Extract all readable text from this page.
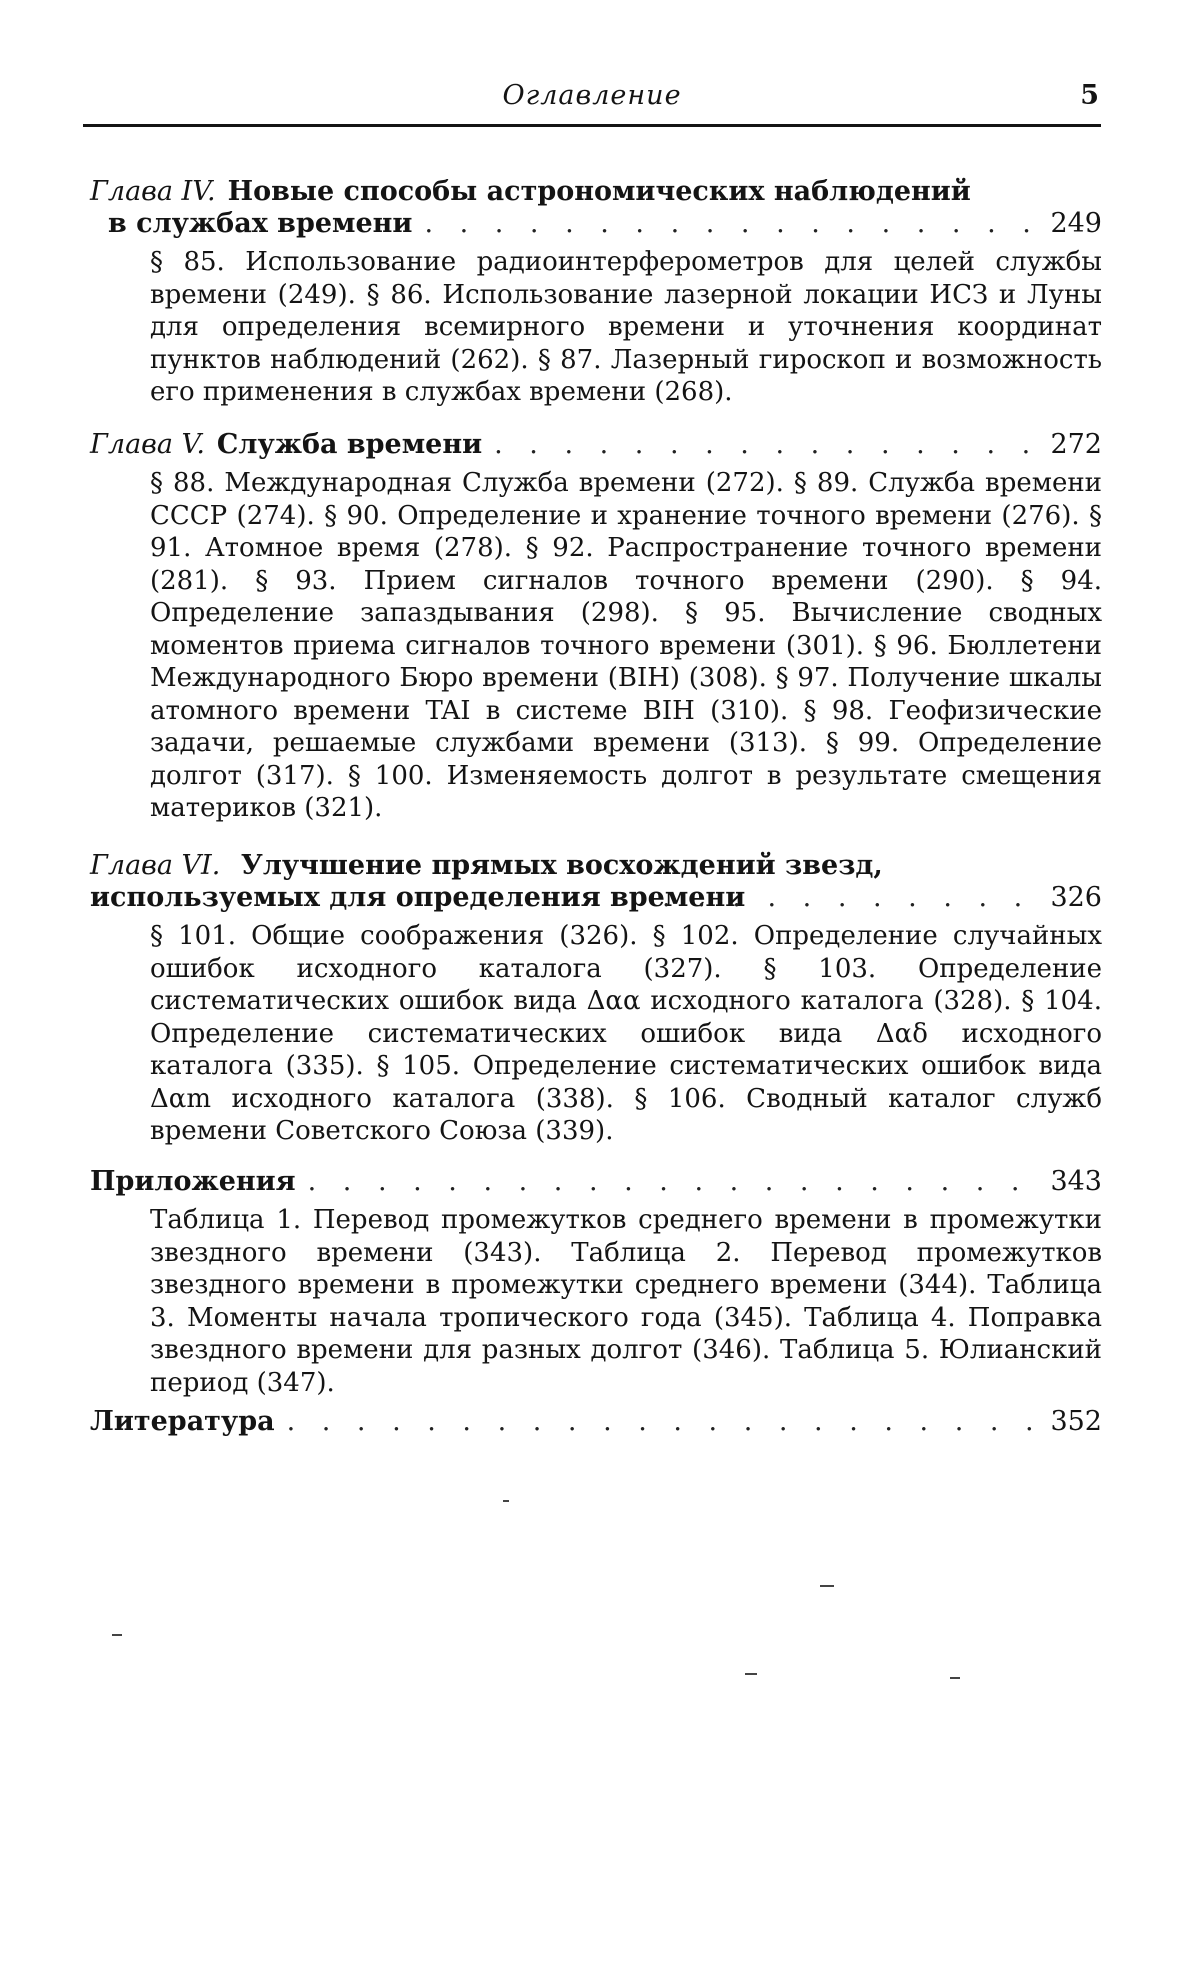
Оглавление	5
Глава IV. Новые способы астрономических наблюдений
в службах времени . . .	249
§ 85. Использование радиоинтерферометров для целей службы времени (249). § 86. Использование лазерной локации ИСЗ и Луны для определения всемирного времени и уточнения координат пунктов наблюдений (262). § 87. Лазерный гироскоп и возможность его применения в службах времени (268).
Глава V. Служба времени . . .	272
§ 88. Международная Служба времени (272). § 89. Служба времени СССР (274). § 90. Определение и хранение точного времени (276). § 91. Атомное время (278). § 92. Распространение точного времени (281). § 93. Прием сигналов точного времени (290). § 94. Определение запаздывания (298). § 95. Вычисление сводных моментов приема сигналов точного времени (301). § 96. Бюллетени Международного Бюро времени (BIH) (308). § 97. Получение шкалы атомного времени TAI в системе BIH (310). § 98. Геофизические задачи, решаемые службами времени (313). § 99. Определение долгот (317). § 100. Изменяемость долгот в результате смещения материков (321).
Глава VI. Улучшение прямых восхождений звезд, используемых для определения времени . . .	326
§ 101. Общие соображения (326). § 102. Определение случайных ошибок исходного каталога (327). § 103. Определение систематических ошибок вида Δαα исходного каталога (328). § 104. Определение систематических ошибок вида Δαδ исходного каталога (335). § 105. Определение систематических ошибок вида Δαm исходного каталога (338). § 106. Сводный каталог служб времени Советского Союза (339).
Приложения . . .	343
Таблица 1. Перевод промежутков среднего времени в промежутки звездного времени (343). Таблица 2. Перевод промежутков звездного времени в промежутки среднего времени (344). Таблица 3. Моменты начала тропического года (345). Таблица 4. Поправка звездного времени для разных долгот (346). Таблица 5. Юлианский период (347).
Литература . . .	352
